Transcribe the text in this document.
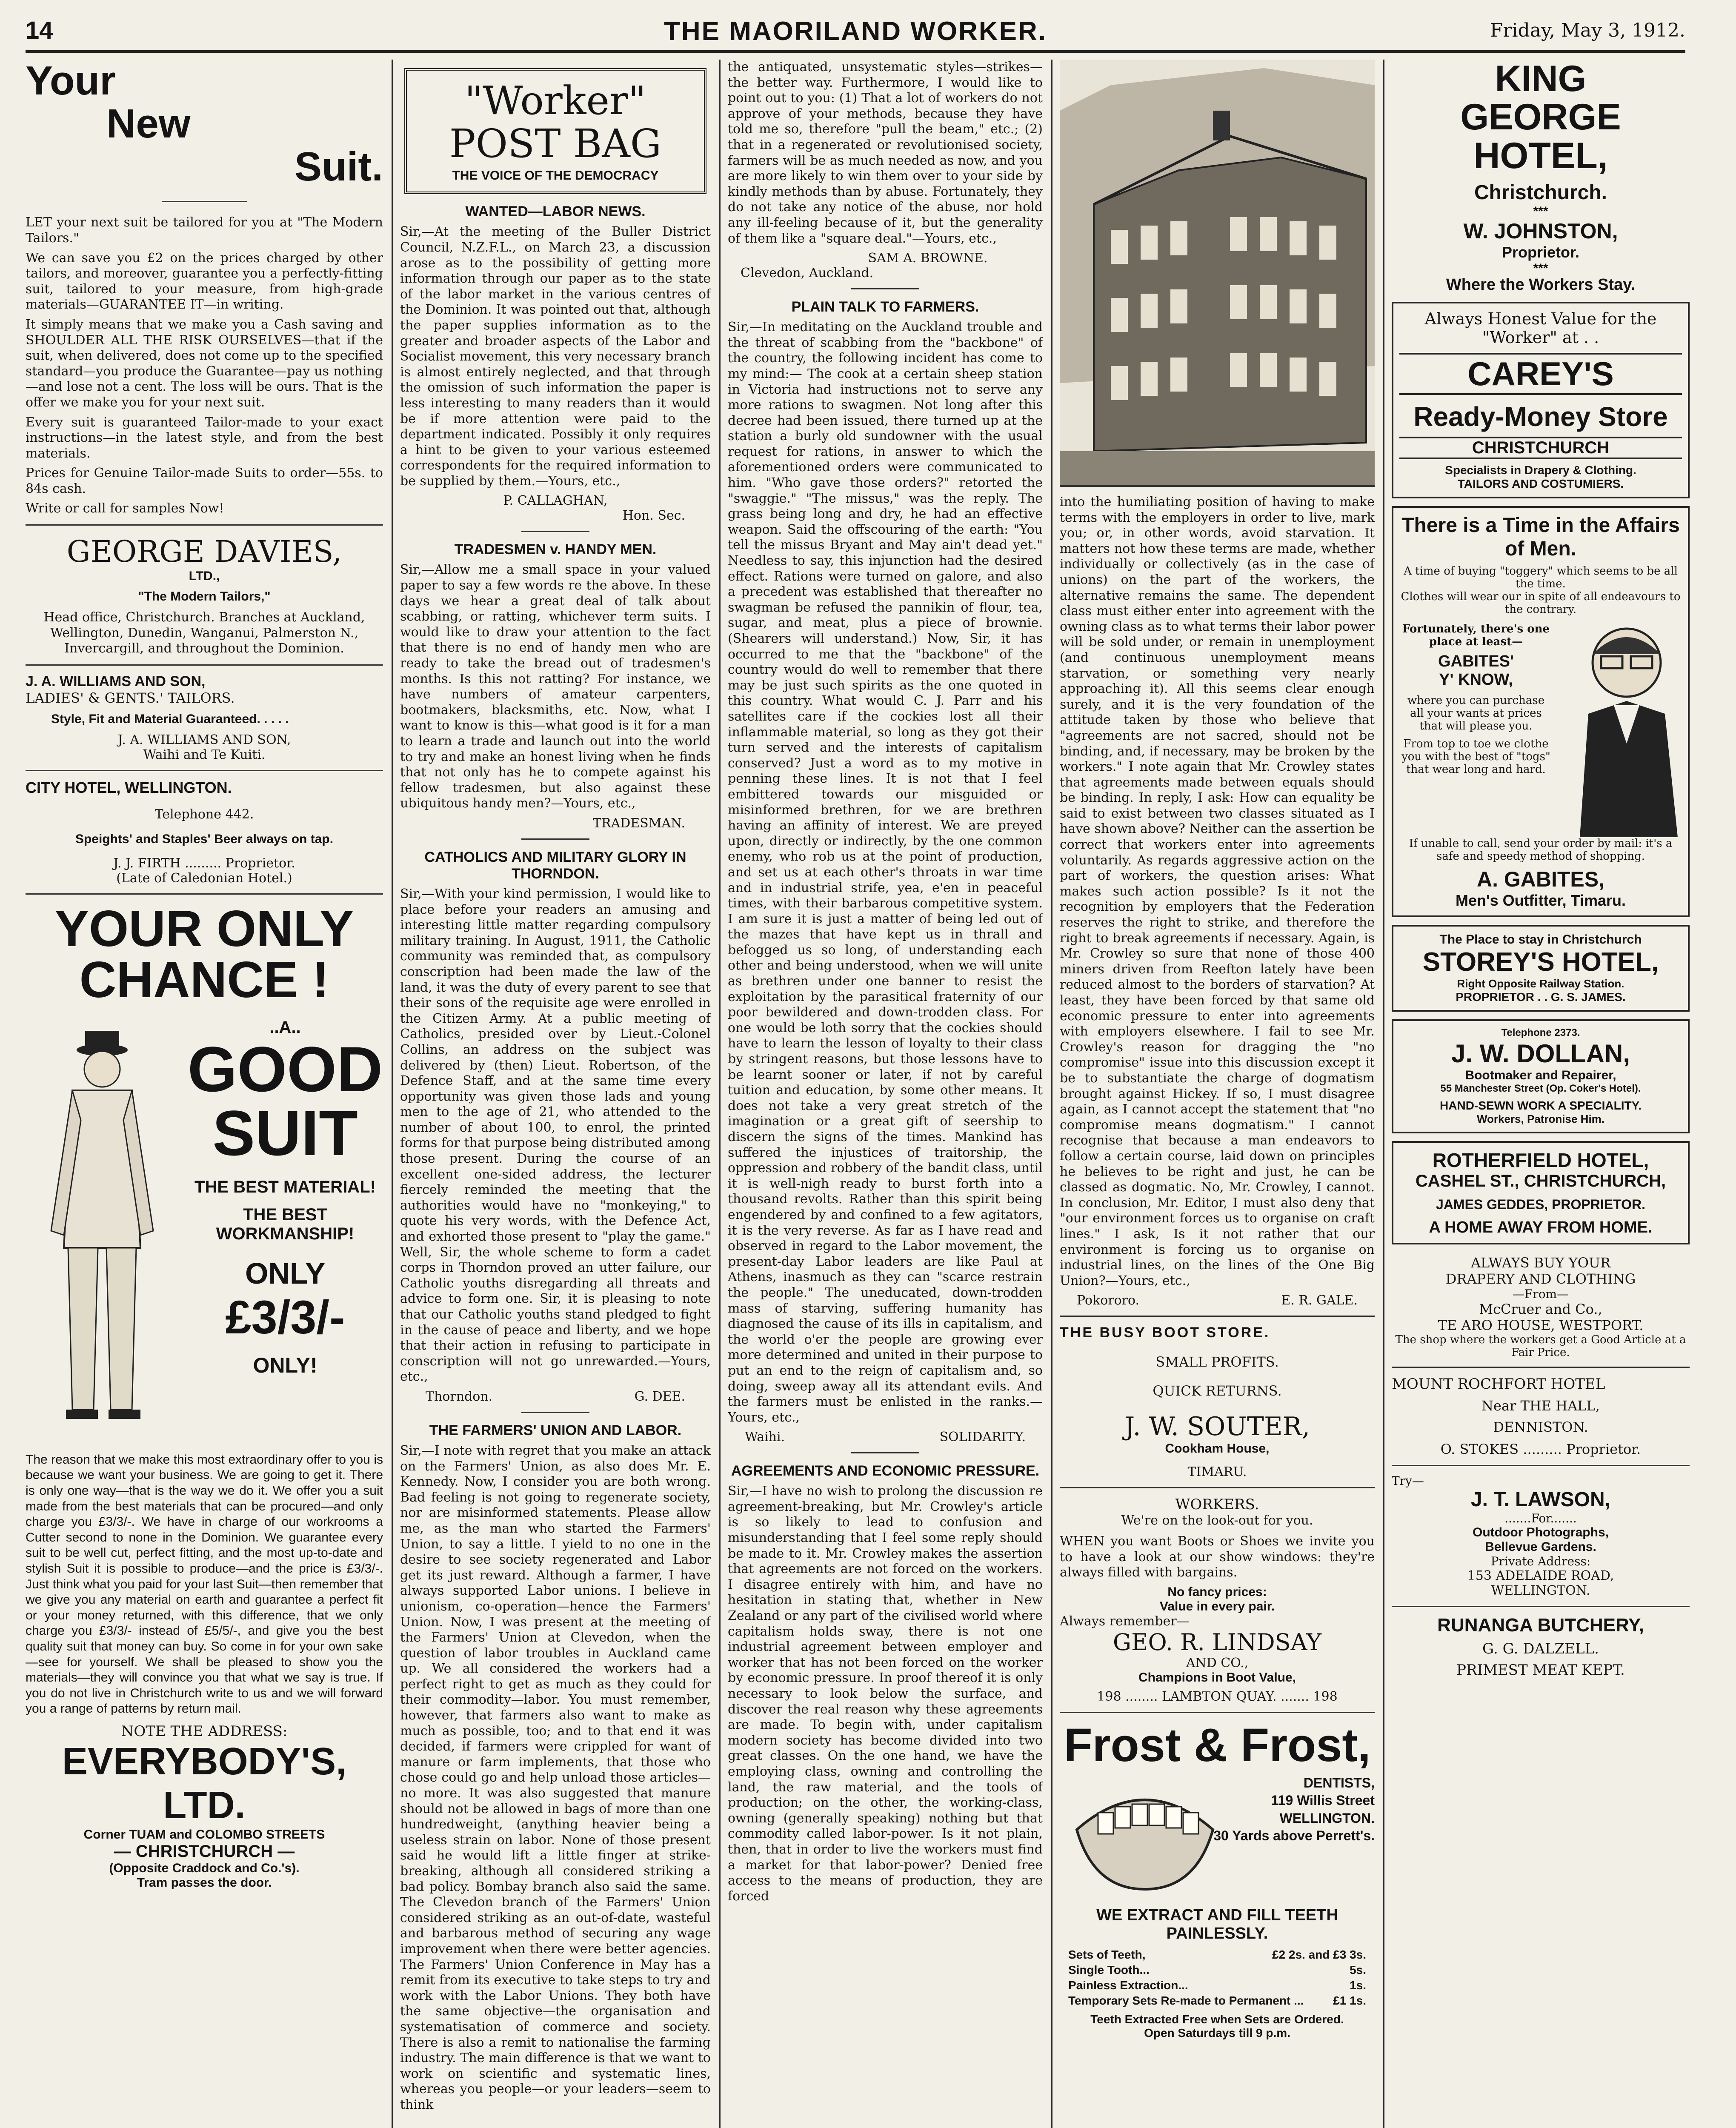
14	THE MAORILAND WORKER.	Friday, May 3, 1912.
Your
New
Suit.

LET your next suit be tailored for you at "The Modern Tailors."

We can save you £2 on the prices charged by other tailors, and moreover, guarantee you a perfectly-fitting suit, tailored to your measure, from high-grade materials—GUARANTEE IT—in writing.

It simply means that we make you a Cash saving and SHOULDER ALL THE RISK OURSELVES—that if the suit, when delivered, does not come up to the specified standard—you produce the Guarantee—pay us nothing—and lose not a cent. The loss will be ours. That is the offer we make you for your next suit.

Every suit is guaranteed Tailor-made to your exact instructions—in the latest style, and from the best materials.

Prices for Genuine Tailor-made Suits to order—55s. to 84s cash.

Write or call for samples Now!

GEORGE DAVIES,
LTD.,
"The Modern Tailors,"

Head office, Christchurch. Branches at Auckland, Wellington, Dunedin, Wanganui, Palmerston N., Invercargill, and throughout the Dominion.

J. A. WILLIAMS AND SON,
LADIES' & GENTS.' TAILORS.
Style, Fit and Material Guaranteed. . . . .
J. A. WILLIAMS AND SON,
Waihi and Te Kuiti.
CITY HOTEL, WELLINGTON.
Telephone 442.
Speights' and Staples' Beer always on tap.
J. J. FIRTH ......... Proprietor.
(Late of Caledonian Hotel.)
YOUR ONLY
CHANCE !
..A..
GOOD
SUIT
THE BEST MATERIAL!
THE BEST WORKMANSHIP!
ONLY
£3/3/-
ONLY!

The reason that we make this most extraordinary offer to you is because we want your business. We are going to get it. There is only one way—that is the way we do it. We offer you a suit made from the best materials that can be procured—and only charge you £3/3/-. We have in charge of our workrooms a Cutter second to none in the Dominion. We guarantee every suit to be well cut, perfect fitting, and the most up-to-date and stylish Suit it is possible to produce—and the price is £3/3/-. Just think what you paid for your last Suit—then remember that we give you any material on earth and guarantee a perfect fit or your money returned, with this difference, that we only charge you £3/3/- instead of £5/5/-, and give you the best quality suit that money can buy. So come in for your own sake—see for yourself. We shall be pleased to show you the materials—they will convince you that what we say is true. If you do not live in Christchurch write to us and we will forward you a range of patterns by return mail.

NOTE THE ADDRESS:
EVERYBODY'S, LTD.
Corner TUAM and COLOMBO STREETS
— CHRISTCHURCH —
(Opposite Craddock and Co.'s).
Tram passes the door.
"Worker" POST BAG
THE VOICE OF THE DEMOCRACY
WANTED—LABOR NEWS.

Sir,—At the meeting of the Buller District Council, N.Z.F.L., on March 23, a discussion arose as to the possibility of getting more information through our paper as to the state of the labor market in the various centres of the Dominion. It was pointed out that, although the paper supplies information as to the greater and broader aspects of the Labor and Socialist movement, this very necessary branch is almost entirely neglected, and that through the omission of such information the paper is less interesting to many readers than it would be if more attention were paid to the department indicated. Possibly it only requires a hint to be given to your various esteemed correspondents for the required information to be supplied by them.—Yours, etc.,

P. CALLAGHAN,
Hon. Sec.
TRADESMEN v. HANDY MEN.

Sir,—Allow me a small space in your valued paper to say a few words re the above. In these days we hear a great deal of talk about scabbing, or ratting, whichever term suits. I would like to draw your attention to the fact that there is no end of handy men who are ready to take the bread out of tradesmen's months. Is this not ratting? For instance, we have numbers of amateur carpenters, bootmakers, blacksmiths, etc. Now, what I want to know is this—what good is it for a man to learn a trade and launch out into the world to try and make an honest living when he finds that not only has he to compete against his fellow tradesmen, but also against these ubiquitous handy men?—Yours, etc.,

TRADESMAN.
CATHOLICS AND MILITARY GLORY IN THORNDON.

Sir,—With your kind permission, I would like to place before your readers an amusing and interesting little matter regarding compulsory military training. In August, 1911, the Catholic community was reminded that, as compulsory conscription had been made the law of the land, it was the duty of every parent to see that their sons of the requisite age were enrolled in the Citizen Army. At a public meeting of Catholics, presided over by Lieut.-Colonel Collins, an address on the subject was delivered by (then) Lieut. Robertson, of the Defence Staff, and at the same time every opportunity was given those lads and young men to the age of 21, who attended to the number of about 100, to enrol, the printed forms for that purpose being distributed among those present. During the course of an excellent one-sided address, the lecturer fiercely reminded the meeting that the authorities would have no "monkeying," to quote his very words, with the Defence Act, and exhorted those present to "play the game." Well, Sir, the whole scheme to form a cadet corps in Thorndon proved an utter failure, our Catholic youths disregarding all threats and advice to form one. Sir, it is pleasing to note that our Catholic youths stand pledged to fight in the cause of peace and liberty, and we hope that their action in refusing to participate in conscription will not go unrewarded.—Yours, etc.,

Thorndon.	G. DEE.
THE FARMERS' UNION AND LABOR.

Sir,—I note with regret that you make an attack on the Farmers' Union, as also does Mr. E. Kennedy. Now, I consider you are both wrong. Bad feeling is not going to regenerate society, nor are misinformed statements. Please allow me, as the man who started the Farmers' Union, to say a little. I yield to no one in the desire to see society regenerated and Labor get its just reward. Although a farmer, I have always supported Labor unions. I believe in unionism, co-operation—hence the Farmers' Union. Now, I was present at the meeting of the Farmers' Union at Clevedon, when the question of labor troubles in Auckland came up. We all considered the workers had a perfect right to get as much as they could for their commodity—labor. You must remember, however, that farmers also want to make as much as possible, too; and to that end it was decided, if farmers were crippled for want of manure or farm implements, that those who chose could go and help unload those articles—no more. It was also suggested that manure should not be allowed in bags of more than one hundredweight, (anything heavier being a useless strain on labor. None of those present said he would lift a little finger at strike-breaking, although all considered striking a bad policy. Bombay branch also said the same. The Clevedon branch of the Farmers' Union considered striking as an out-of-date, wasteful and barbarous method of securing any wage improvement when there were better agencies. The Farmers' Union Conference in May has a remit from its executive to take steps to try and work with the Labor Unions. They both have the same objective—the organisation and systematisation of commerce and society. There is also a remit to nationalise the farming industry. The main difference is that we want to work on scientific and systematic lines, whereas you people—or your leaders—seem to think

the antiquated, unsystematic styles—strikes—the better way. Furthermore, I would like to point out to you: (1) That a lot of workers do not approve of your methods, because they have told me so, therefore "pull the beam," etc.; (2) that in a regenerated or revolutionised society, farmers will be as much needed as now, and you are more likely to win them over to your side by kindly methods than by abuse. Fortunately, they do not take any notice of the abuse, nor hold any ill-feeling because of it, but the generality of them like a "square deal."—Yours, etc.,

SAM A. BROWNE.
Clevedon, Auckland.
PLAIN TALK TO FARMERS.

Sir,—In meditating on the Auckland trouble and the threat of scabbing from the "backbone" of the country, the following incident has come to my mind:— The cook at a certain sheep station in Victoria had instructions not to serve any more rations to swagmen. Not long after this decree had been issued, there turned up at the station a burly old sundowner with the usual request for rations, in answer to which the aforementioned orders were communicated to him. "Who gave those orders?" retorted the "swaggie." "The missus," was the reply. The grass being long and dry, he had an effective weapon. Said the offscouring of the earth: "You tell the missus Bryant and May ain't dead yet." Needless to say, this injunction had the desired effect. Rations were turned on galore, and also a precedent was established that thereafter no swagman be refused the pannikin of flour, tea, sugar, and meat, plus a piece of brownie. (Shearers will understand.) Now, Sir, it has occurred to me that the "backbone" of the country would do well to remember that there may be just such spirits as the one quoted in this country. What would C. J. Parr and his satellites care if the cockies lost all their inflammable material, so long as they got their turn served and the interests of capitalism conserved? Just a word as to my motive in penning these lines. It is not that I feel embittered towards our misguided or misinformed brethren, for we are brethren having an affinity of interest. We are preyed upon, directly or indirectly, by the one common enemy, who rob us at the point of production, and set us at each other's throats in war time and in industrial strife, yea, e'en in peaceful times, with their barbarous competitive system. I am sure it is just a matter of being led out of the mazes that have kept us in thrall and befogged us so long, of understanding each other and being understood, when we will unite as brethren under one banner to resist the exploitation by the parasitical fraternity of our poor bewildered and down-trodden class. For one would be loth sorry that the cockies should have to learn the lesson of loyalty to their class by stringent reasons, but those lessons have to be learnt sooner or later, if not by careful tuition and education, by some other means. It does not take a very great stretch of the imagination or a great gift of seership to discern the signs of the times. Mankind has suffered the injustices of traitorship, the oppression and robbery of the bandit class, until it is well-nigh ready to burst forth into a thousand revolts. Rather than this spirit being engendered by and confined to a few agitators, it is the very reverse. As far as I have read and observed in regard to the Labor movement, the present-day Labor leaders are like Paul at Athens, inasmuch as they can "scarce restrain the people." The uneducated, down-trodden mass of starving, suffering humanity has diagnosed the cause of its ills in capitalism, and the world o'er the people are growing ever more determined and united in their purpose to put an end to the reign of capitalism and, so doing, sweep away all its attendant evils. And the farmers must be enlisted in the ranks.—Yours, etc.,

Waihi.	SOLIDARITY.
AGREEMENTS AND ECONOMIC PRESSURE.

Sir,—I have no wish to prolong the discussion re agreement-breaking, but Mr. Crowley's article is so likely to lead to confusion and misunderstanding that I feel some reply should be made to it. Mr. Crowley makes the assertion that agreements are not forced on the workers. I disagree entirely with him, and have no hesitation in stating that, whether in New Zealand or any part of the civilised world where capitalism holds sway, there is not one industrial agreement between employer and worker that has not been forced on the worker by economic pressure. In proof thereof it is only necessary to look below the surface, and discover the real reason why these agreements are made. To begin with, under capitalism modern society has become divided into two great classes. On the one hand, we have the employing class, owning and controlling the land, the raw material, and the tools of production; on the other, the working-class, owning (generally speaking) nothing but that commodity called labor-power. Is it not plain, then, that in order to live the workers must find a market for that labor-power? Denied free access to the means of production, they are forced

into the humiliating position of having to make terms with the employers in order to live, mark you; or, in other words, avoid starvation. It matters not how these terms are made, whether individually or collectively (as in the case of unions) on the part of the workers, the alternative remains the same. The dependent class must either enter into agreement with the owning class as to what terms their labor power will be sold under, or remain in unemployment (and continuous unemployment means starvation, or something very nearly approaching it). All this seems clear enough surely, and it is the very foundation of the attitude taken by those who believe that "agreements are not sacred, should not be binding, and, if necessary, may be broken by the workers." I note again that Mr. Crowley states that agreements made between equals should be binding. In reply, I ask: How can equality be said to exist between two classes situated as I have shown above? Neither can the assertion be correct that workers enter into agreements voluntarily. As regards aggressive action on the part of workers, the question arises: What makes such action possible? Is it not the recognition by employers that the Federation reserves the right to strike, and therefore the right to break agreements if necessary. Again, is Mr. Crowley so sure that none of those 400 miners driven from Reefton lately have been reduced almost to the borders of starvation? At least, they have been forced by that same old economic pressure to enter into agreements with employers elsewhere. I fail to see Mr. Crowley's reason for dragging the "no compromise" issue into this discussion except it be to substantiate the charge of dogmatism brought against Hickey. If so, I must disagree again, as I cannot accept the statement that "no compromise means dogmatism." I cannot recognise that because a man endeavors to follow a certain course, laid down on principles he believes to be right and just, he can be classed as dogmatic. No, Mr. Crowley, I cannot. In conclusion, Mr. Editor, I must also deny that "our environment forces us to organise on craft lines." I ask, Is it not rather that our environment is forcing us to organise on industrial lines, on the lines of the One Big Union?—Yours, etc.,

Pokororo.	E. R. GALE.
THE BUSY BOOT STORE.
SMALL PROFITS.
QUICK RETURNS.
J. W. SOUTER,
Cookham House,
TIMARU.
WORKERS.
We're on the look-out for you.

WHEN you want Boots or Shoes we invite you to have a look at our show windows: they're always filled with bargains.

No fancy prices:
Value in every pair.
Always remember—
GEO. R. LINDSAY
AND CO.,
Champions in Boot Value,
198 ........ LAMBTON QUAY. ....... 198
Frost & Frost,
DENTISTS,
119 Willis Street
WELLINGTON.
30 Yards above Perrett's.
WE EXTRACT AND FILL TEETH
PAINLESSLY.
Sets of Teeth,	£2 2s. and £3 3s.
Single Tooth...	5s.
Painless Extraction...	1s.
Temporary Sets Re-made to Permanent ... £1 1s.
Teeth Extracted Free when Sets are Ordered.
Open Saturdays till 9 p.m.
KING
GEORGE
HOTEL,
Christchurch.
***
W. JOHNSTON,
Proprietor.
***
Where the Workers Stay.
Always Honest Value for the "Worker" at . .
CAREY'S
Ready-Money Store
CHRISTCHURCH
Specialists in Drapery & Clothing.
TAILORS AND COSTUMIERS.
There is a Time in the Affairs of Men.
A time of buying "toggery" which seems to be all the time.
Clothes will wear our in spite of all endeavours to the contrary.
Fortunately, there's one place at least—
GABITES'
Y' KNOW,
where you can purchase all your wants at prices that will please you.
From top to toe we clothe you with the best of "togs" that wear long and hard.
If unable to call, send your order by mail: it's a safe and speedy method of shopping.
A. GABITES,
Men's Outfitter, Timaru.
The Place to stay in Christchurch
STOREY'S HOTEL,
Right Opposite Railway Station.
PROPRIETOR . . G. S. JAMES.
Telephone 2373.
J. W. DOLLAN,
Bootmaker and Repairer,
55 Manchester Street (Op. Coker's Hotel).
HAND-SEWN WORK A SPECIALITY.
Workers, Patronise Him.
ROTHERFIELD HOTEL,
CASHEL ST., CHRISTCHURCH,
JAMES GEDDES, PROPRIETOR.
A HOME AWAY FROM HOME.
ALWAYS BUY YOUR
DRAPERY AND CLOTHING
—From—
McCruer and Co.,
TE ARO HOUSE, WESTPORT.
The shop where the workers get a Good Article at a Fair Price.
MOUNT ROCHFORT HOTEL
Near THE HALL,
DENNISTON.
O. STOKES ......... Proprietor.
Try—
J. T. LAWSON,
.......For.......
Outdoor Photographs,
Bellevue Gardens.
Private Address:
153 ADELAIDE ROAD,
WELLINGTON.
RUNANGA BUTCHERY,
G. G. DALZELL.
PRIMEST MEAT KEPT.
